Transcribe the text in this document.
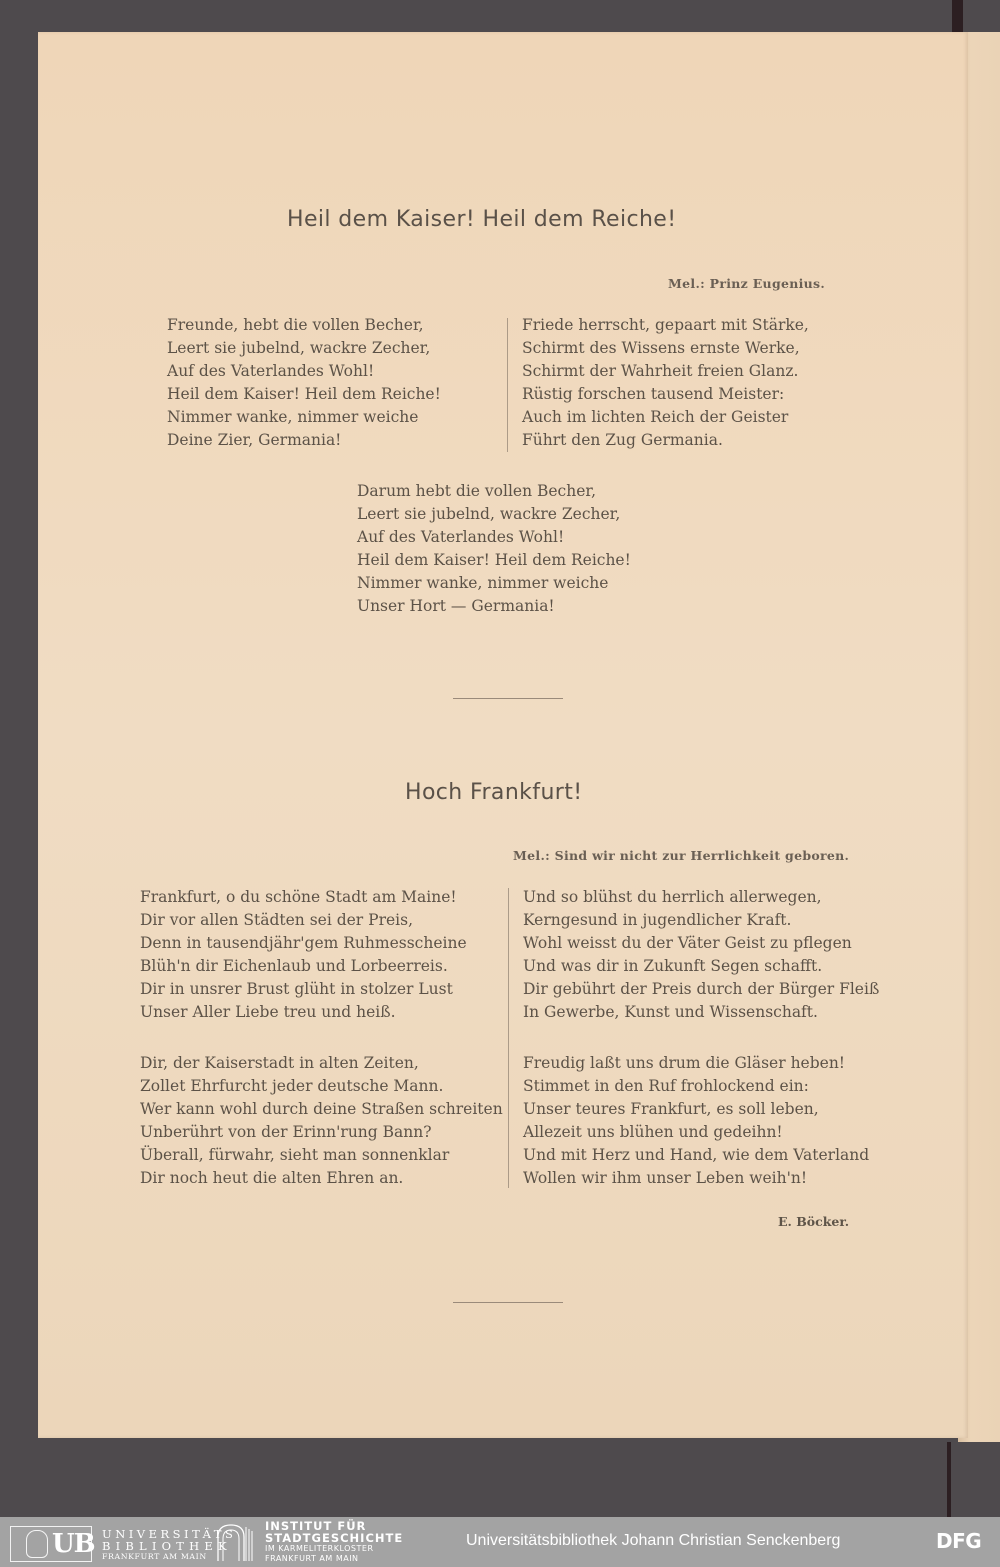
Heil dem Kaiser! Heil dem Reiche!
Mel.: Prinz Eugenius.
Freunde, hebt die vollen Becher,
Leert sie jubelnd, wackre Zecher,
Auf des Vaterlandes Wohl!
Heil dem Kaiser! Heil dem Reiche!
Nimmer wanke, nimmer weiche
Deine Zier, Germania!
Friede herrscht, gepaart mit Stärke,
Schirmt des Wissens ernste Werke,
Schirmt der Wahrheit freien Glanz.
Rüstig forschen tausend Meister:
Auch im lichten Reich der Geister
Führt den Zug Germania.
Darum hebt die vollen Becher,
Leert sie jubelnd, wackre Zecher,
Auf des Vaterlandes Wohl!
Heil dem Kaiser! Heil dem Reiche!
Nimmer wanke, nimmer weiche
Unser Hort — Germania!
Hoch Frankfurt!
Mel.: Sind wir nicht zur Herrlichkeit geboren.
Frankfurt, o du schöne Stadt am Maine!
Dir vor allen Städten sei der Preis,
Denn in tausendjähr'gem Ruhmesscheine
Blüh'n dir Eichenlaub und Lorbeerreis.
Dir in unsrer Brust glüht in stolzer Lust
Unser Aller Liebe treu und heiß.
Und so blühst du herrlich allerwegen,
Kerngesund in jugendlicher Kraft.
Wohl weisst du der Väter Geist zu pflegen
Und was dir in Zukunft Segen schafft.
Dir gebührt der Preis durch der Bürger Fleiß
In Gewerbe, Kunst und Wissenschaft.
Dir, der Kaiserstadt in alten Zeiten,
Zollet Ehrfurcht jeder deutsche Mann.
Wer kann wohl durch deine Straßen schreiten
Unberührt von der Erinn'rung Bann?
Überall, fürwahr, sieht man sonnenklar
Dir noch heut die alten Ehren an.
Freudig laßt uns drum die Gläser heben!
Stimmet in den Ruf frohlockend ein:
Unser teures Frankfurt, es soll leben,
Allezeit uns blühen und gedeihn!
Und mit Herz und Hand, wie dem Vaterland
Wollen wir ihm unser Leben weih'n!
E. Böcker.
UB UNIVERSITÄTS
BIBLIOTHEK
FRANKFURT AM MAIN
INSTITUT FÜR
STADTGESCHICHTE
IM KARMELITERKLOSTER
FRANKFURT AM MAIN
Universitätsbibliothek Johann Christian Senckenberg	DFG
